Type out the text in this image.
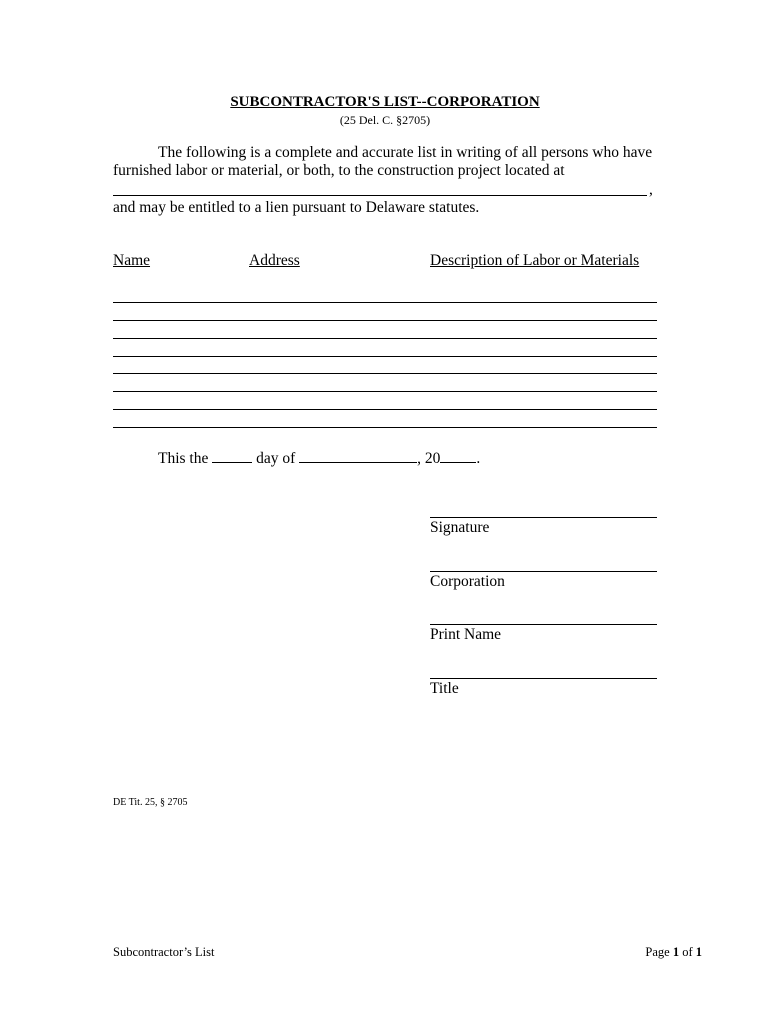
SUBCONTRACTOR'S LIST--CORPORATION
(25 Del. C. §2705)
The following is a complete and accurate list in writing of all persons who have
furnished labor or material, or both, to the construction project located at
,
and may be entitled to a lien pursuant to Delaware statutes.
Name	Address	Description of Labor or Materials
This the	day of	, 20 .
Signature
Corporation
Print Name
Title
DE Tit. 25, § 2705
Subcontractor’s List	Page 1 of 1
